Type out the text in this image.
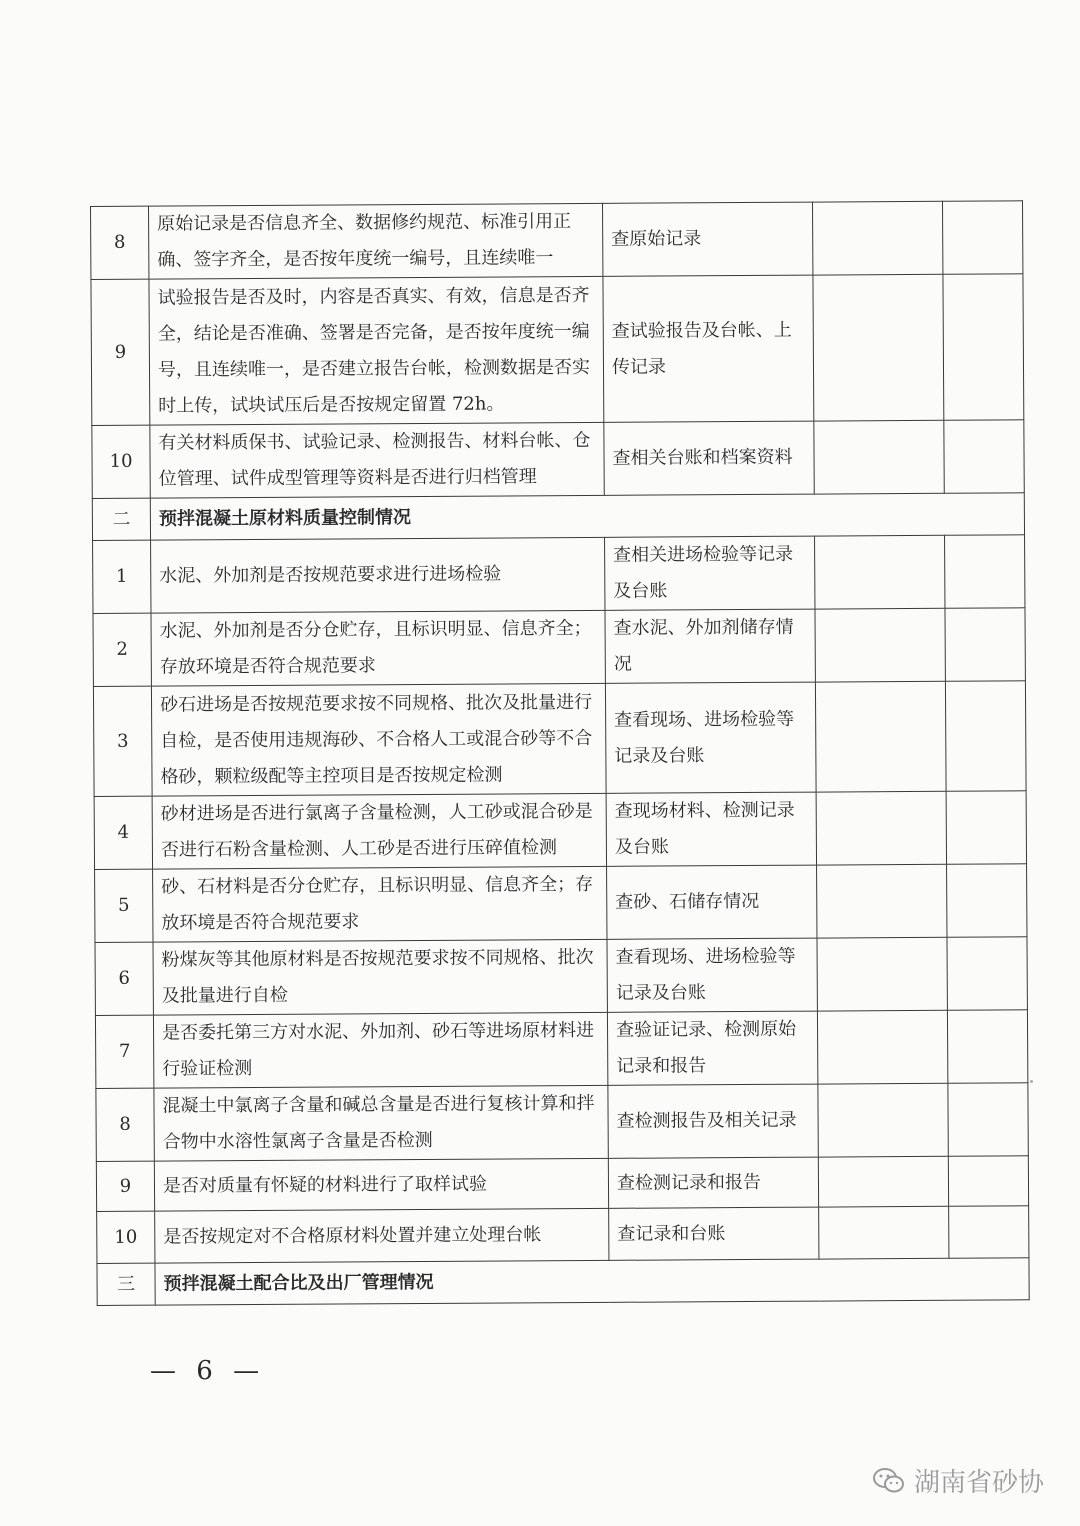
8	原始记录是否信息齐全、数据修约规范、标准引用正确、签字齐全，是否按年度统一编号，且连续唯一	查原始记录		
9	试验报告是否及时，内容是否真实、有效，信息是否齐全，结论是否准确、签署是否完备，是否按年度统一编号，且连续唯一，是否建立报告台帐，检测数据是否实时上传，试块试压后是否按规定留置 72h。	查试验报告及台帐、上传记录		
10	有关材料质保书、试验记录、检测报告、材料台帐、仓位管理、试件成型管理等资料是否进行归档管理	查相关台账和档案资料		
二	预拌混凝土原材料质量控制情况			
1	水泥、外加剂是否按规范要求进行进场检验	查相关进场检验等记录及台账		
2	水泥、外加剂是否分仓贮存，且标识明显、信息齐全；存放环境是否符合规范要求	查水泥、外加剂储存情况		
3	砂石进场是否按规范要求按不同规格、批次及批量进行自检，是否使用违规海砂、不合格人工或混合砂等不合格砂，颗粒级配等主控项目是否按规定检测	查看现场、进场检验等记录及台账		
4	砂材进场是否进行氯离子含量检测，人工砂或混合砂是否进行石粉含量检测、人工砂是否进行压碎值检测	查现场材料、检测记录及台账		
5	砂、石材料是否分仓贮存，且标识明显、信息齐全；存放环境是否符合规范要求	查砂、石储存情况		
6	粉煤灰等其他原材料是否按规范要求按不同规格、批次及批量进行自检	查看现场、进场检验等记录及台账		
7	是否委托第三方对水泥、外加剂、砂石等进场原材料进行验证检测	查验证记录、检测原始记录和报告		
8	混凝土中氯离子含量和碱总含量是否进行复核计算和拌合物中水溶性氯离子含量是否检测	查检测报告及相关记录		
9	是否对质量有怀疑的材料进行了取样试验	查检测记录和报告		
10	是否按规定对不合格原材料处置并建立处理台帐	查记录和台账		
三	预拌混凝土配合比及出厂管理情况			
— 6 —
湖南省砂协
